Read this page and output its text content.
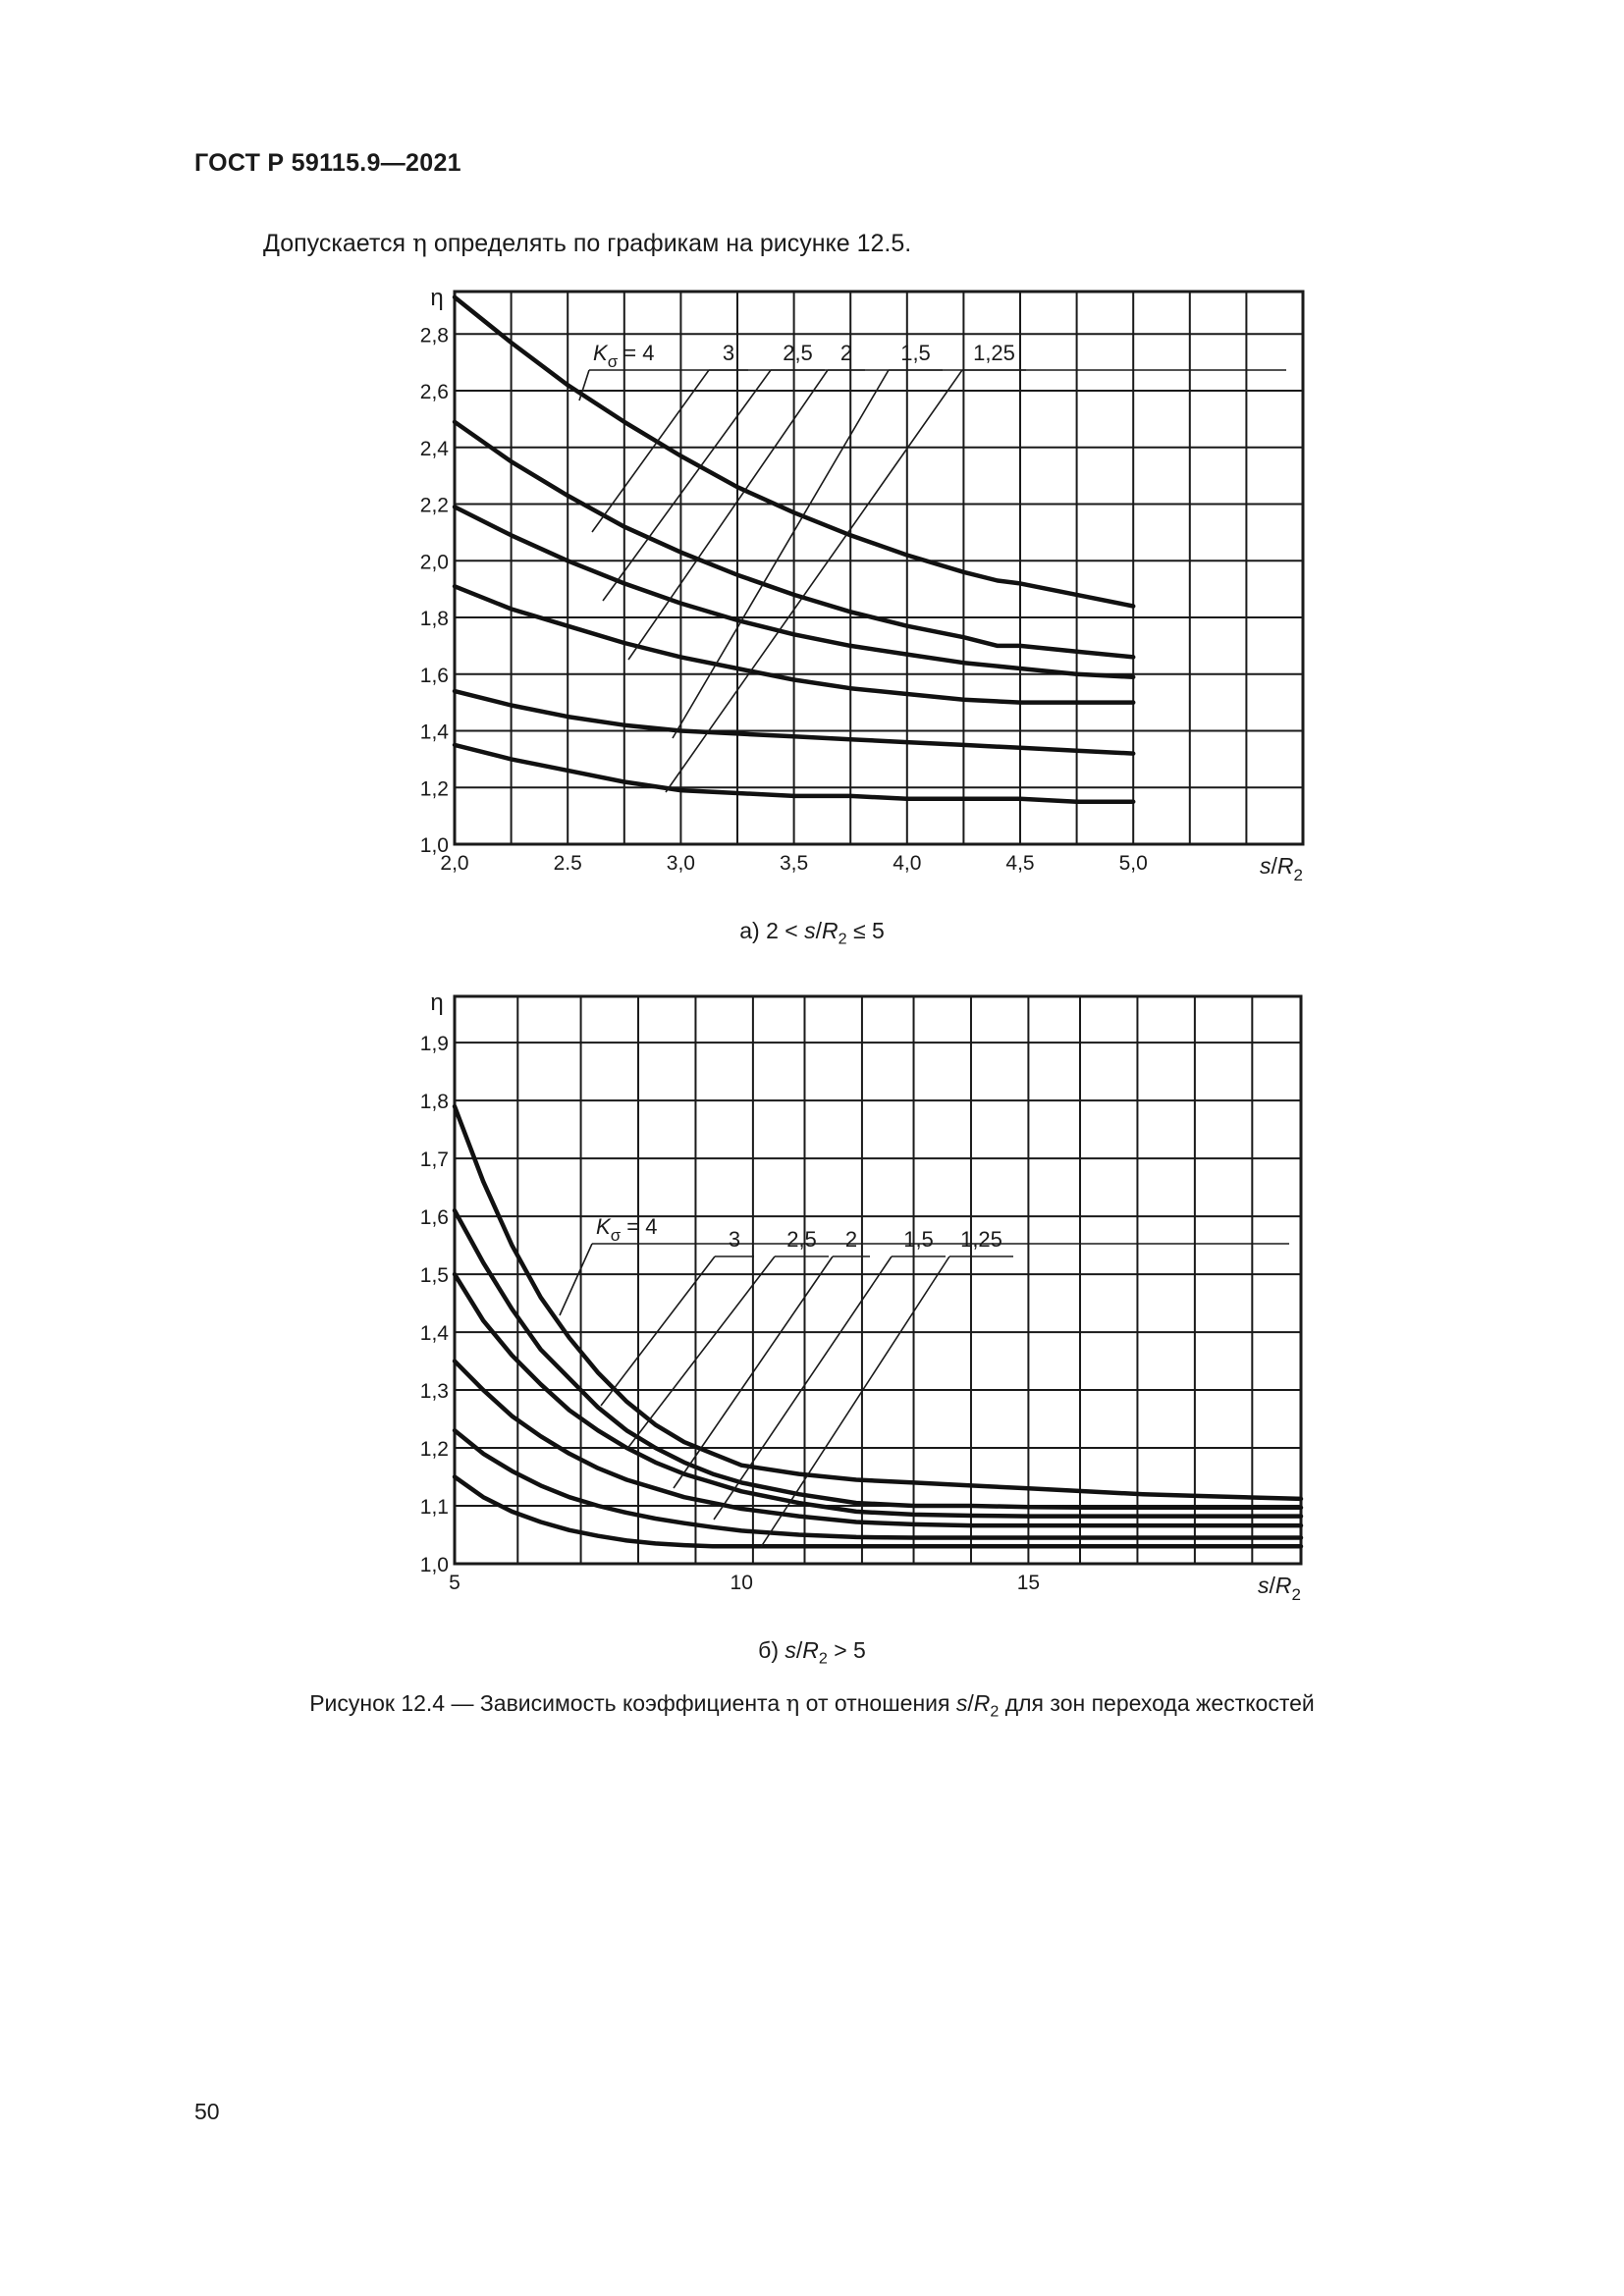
ГОСТ Р 59115.9—2021
Допускается η определять по графикам на рисунке 12.5.
1,0
1,2
1,4
1,6
1,8
2,0
2,2
2,4
2,6
2,8
2,0	2.5	3,0	3,5	4,0	4,5	5,0
η
$s/R_2$
$K_\sigma = 4$	3 2,5 2 1,5 1,25
а) $2 < s/R_2 \le 5$
1,0
1,1
1,2
1,3
1,4
1,5
1,6
1,7
1,8
1,9
5	10	15
η
$s/R_2$
$K_\sigma = 4$
3 2,5 2 1,5 1,25
б) $s/R_2 > 5$
Рисунок 12.4 — Зависимость коэффициента η от отношения $s/R_2$ для зон перехода жесткостей
50
